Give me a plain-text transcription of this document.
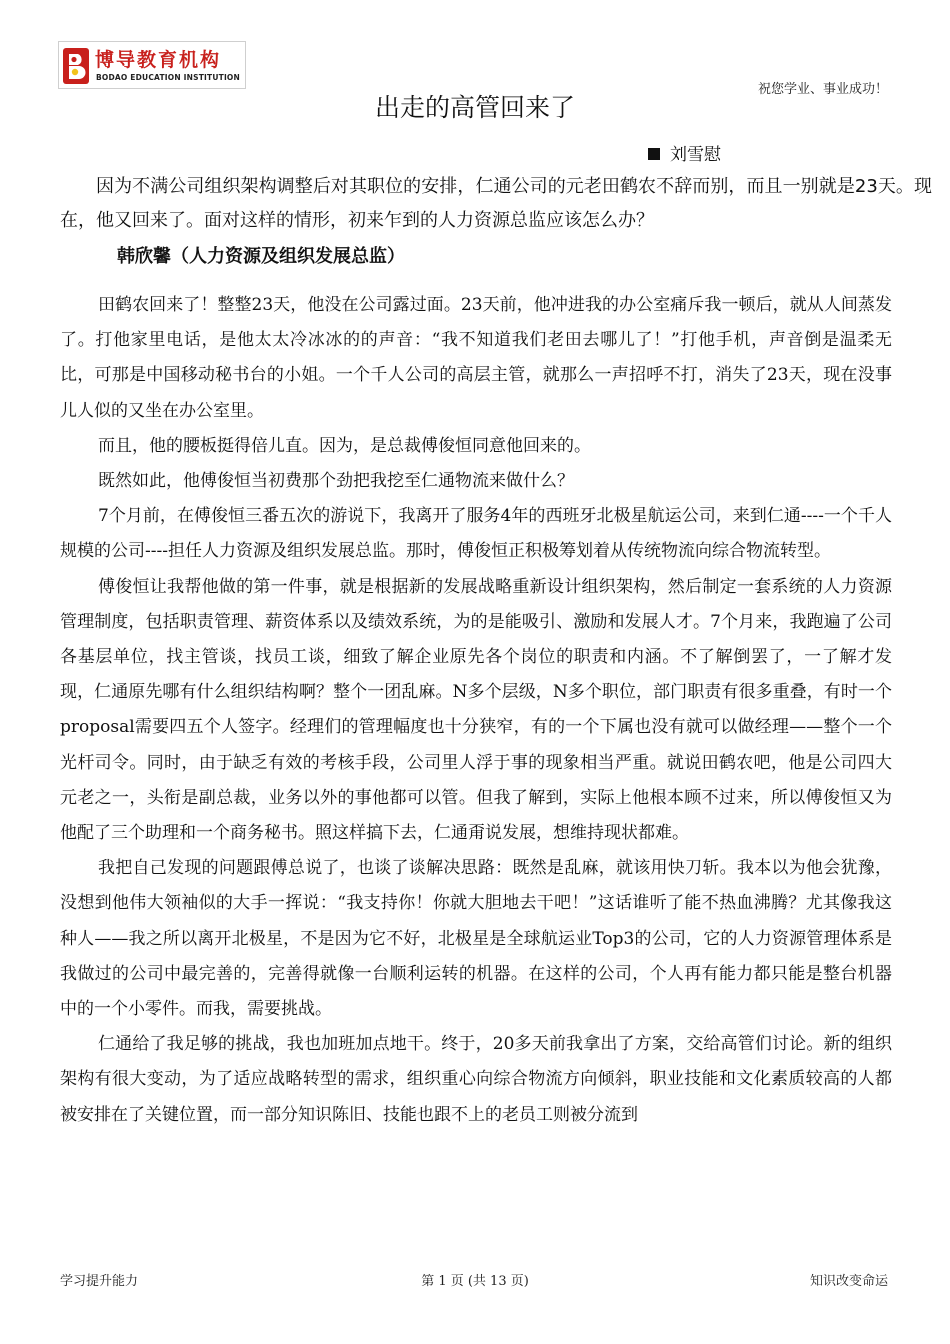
博导教育机构
BODAO EDUCATION INSTITUTION
祝您学业、事业成功！
出走的高管回来了
刘雪慰
因为不满公司组织架构调整后对其职位的安排，仁通公司的元老田鹤农不辞而别，而且一别就是23天。现在，他又回来了。面对这样的情形，初来乍到的人力资源总监应该怎么办？
韩欣馨（人力资源及组织发展总监）

田鹤农回来了！整整23天，他没在公司露过面。23天前，他冲进我的办公室痛斥我一顿后，就从人间蒸发了。打他家里电话，是他太太冷冰冰的的声音：“我不知道我们老田去哪儿了！”打他手机，声音倒是温柔无比，可那是中国移动秘书台的小姐。一个千人公司的高层主管，就那么一声招呼不打，消失了23天，现在没事儿人似的又坐在办公室里。

而且，他的腰板挺得倍儿直。因为，是总裁傅俊恒同意他回来的。

既然如此，他傅俊恒当初费那个劲把我挖至仁通物流来做什么？

7个月前，在傅俊恒三番五次的游说下，我离开了服务4年的西班牙北极星航运公司，来到仁通----一个千人规模的公司----担任人力资源及组织发展总监。那时，傅俊恒正积极筹划着从传统物流向综合物流转型。

傅俊恒让我帮他做的第一件事，就是根据新的发展战略重新设计组织架构，然后制定一套系统的人力资源管理制度，包括职责管理、薪资体系以及绩效系统，为的是能吸引、激励和发展人才。7个月来，我跑遍了公司各基层单位，找主管谈，找员工谈，细致了解企业原先各个岗位的职责和内涵。不了解倒罢了，一了解才发现，仁通原先哪有什么组织结构啊？整个一团乱麻。N多个层级，N多个职位，部门职责有很多重叠，有时一个proposal需要四五个人签字。经理们的管理幅度也十分狭窄，有的一个下属也没有就可以做经理——整个一个光杆司令。同时，由于缺乏有效的考核手段，公司里人浮于事的现象相当严重。就说田鹤农吧，他是公司四大元老之一，头衔是副总裁，业务以外的事他都可以管。但我了解到，实际上他根本顾不过来，所以傅俊恒又为他配了三个助理和一个商务秘书。照这样搞下去，仁通甭说发展，想维持现状都难。

我把自己发现的问题跟傅总说了，也谈了谈解决思路：既然是乱麻，就该用快刀斩。我本以为他会犹豫，没想到他伟大领袖似的大手一挥说：“我支持你！你就大胆地去干吧！”这话谁听了能不热血沸腾？尤其像我这种人——我之所以离开北极星，不是因为它不好，北极星是全球航运业Top3的公司，它的人力资源管理体系是我做过的公司中最完善的，完善得就像一台顺利运转的机器。在这样的公司，个人再有能力都只能是整台机器中的一个小零件。而我，需要挑战。

仁通给了我足够的挑战，我也加班加点地干。终于，20多天前我拿出了方案，交给高管们讨论。新的组织架构有很大变动，为了适应战略转型的需求，组织重心向综合物流方向倾斜，职业技能和文化素质较高的人都被安排在了关键位置，而一部分知识陈旧、技能也跟不上的老员工则被分流到

学习提升能力	第 1 页 (共 13 页)	知识改变命运
